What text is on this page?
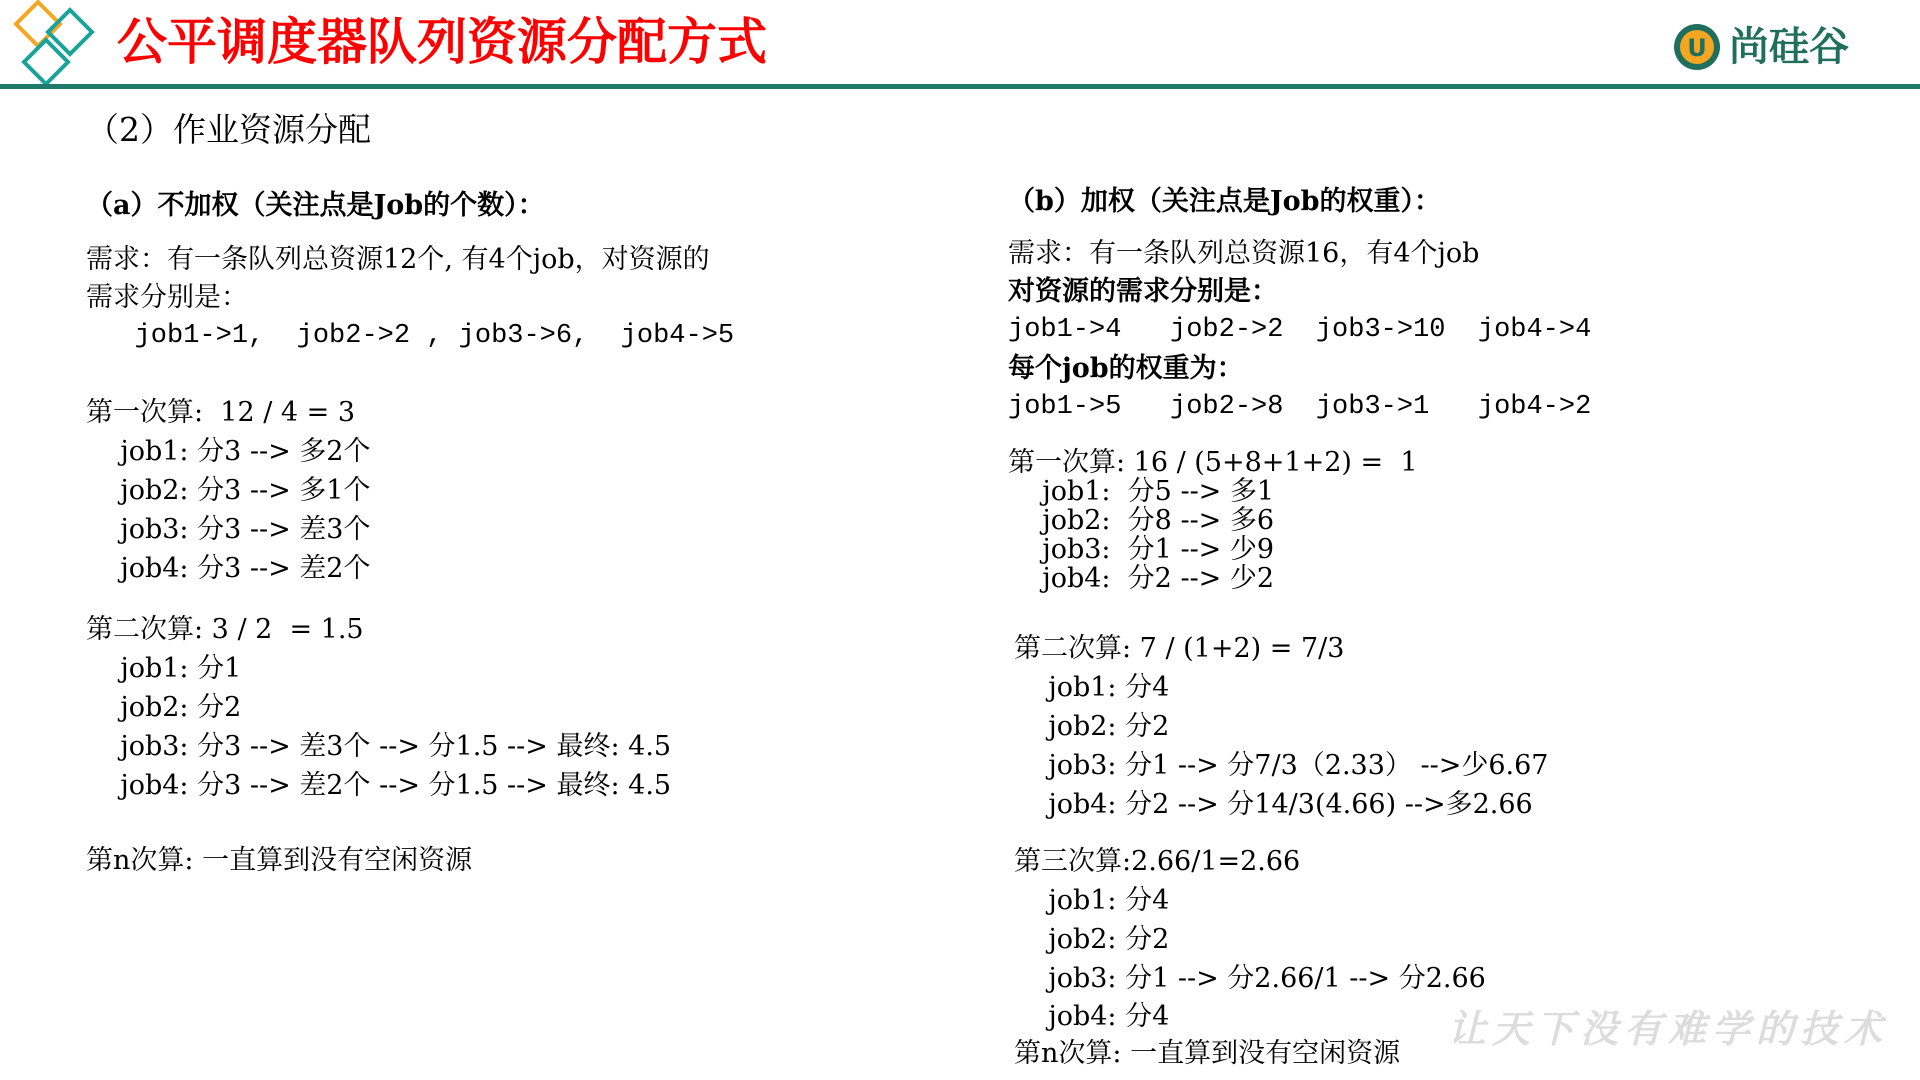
公平调度器队列资源分配方式	U 尚硅谷
（2）作业资源分配
（a）不加权（关注点是Job的个数）：
需求：有一条队列总资源12个, 有4个job，对资源的
需求分别是：
job1->1,  job2->2 , job3->6,  job4->5
第一次算:  12 / 4 = 3
job1: 分3 --> 多2个
job2: 分3 --> 多1个
job3: 分3 --> 差3个
job4: 分3 --> 差2个
第二次算: 3 / 2  = 1.5
job1: 分1
job2: 分2
job3: 分3 --> 差3个 --> 分1.5 --> 最终: 4.5
job4: 分3 --> 差2个 --> 分1.5 --> 最终: 4.5
第n次算: 一直算到没有空闲资源
（b）加权（关注点是Job的权重）：
需求：有一条队列总资源16，有4个job
对资源的需求分别是：
job1->4   job2->2  job3->10  job4->4
每个job的权重为：
job1->5   job2->8  job3->1   job4->2
第一次算: 16 / (5+8+1+2) =  1
job1:  分5 --> 多1
job2:  分8 --> 多6
job3:  分1 --> 少9
job4:  分2 --> 少2
第二次算: 7 / (1+2) = 7/3
job1: 分4
job2: 分2
job3: 分1 --> 分7/3（2.33） -->少6.67
job4: 分2 --> 分14/3(4.66) -->多2.66
第三次算:2.66/1=2.66
job1: 分4
job2: 分2
job3: 分1 --> 分2.66/1 --> 分2.66
job4: 分4
第n次算: 一直算到没有空闲资源
让天下没有难学的技术
